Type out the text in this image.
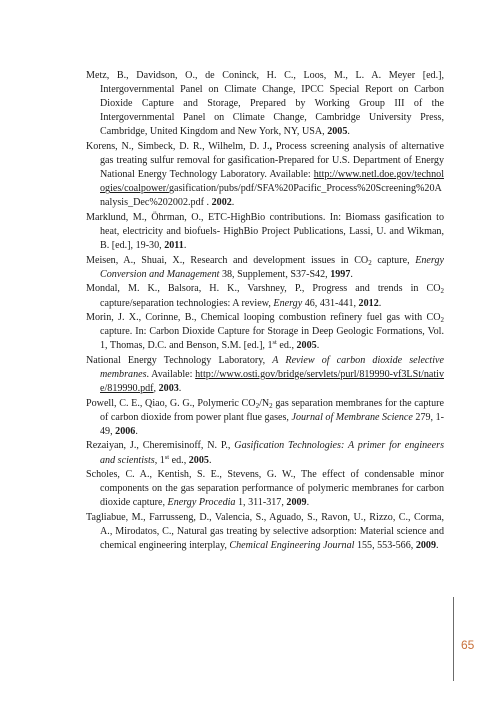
Metz, B., Davidson, O., de Coninck, H. C., Loos, M., L. A. Meyer [ed.], Intergovernmental Panel on Climate Change, IPCC Special Report on Carbon Dioxide Capture and Storage, Prepared by Working Group III of the Intergovernmental Panel on Climate Change, Cambridge University Press, Cambridge, United Kingdom and New York, NY, USA, 2005.

Korens, N., Simbeck, D. R., Wilhelm, D. J., Process screening analysis of alternative gas treating sulfur removal for gasification-Prepared for U.S. Department of Energy National Energy Technology Laboratory. Available: http://www.netl.doe.gov/technologies/coalpower/gasification/pubs/pdf/SFA%20Pacific_Process%20Screening%20Analysis_Dec%202002.pdf . 2002.

Marklund, M., Öhrman, O., ETC-HighBio contributions. In: Biomass gasification to heat, electricity and biofuels- HighBio Project Publications, Lassi, U. and Wikman, B. [ed.], 19-30, 2011.

Meisen, A., Shuai, X., Research and development issues in $CO_2$ capture, Energy Conversion and Management 38, Supplement, S37-S42, 1997.

Mondal, M. K., Balsora, H. K., Varshney, P., Progress and trends in $CO_2$ capture/separation technologies: A review, Energy 46, 431-441, 2012.

Morin, J. X., Corinne, B., Chemical looping combustion refinery fuel gas with $CO_2$ capture. In: Carbon Dioxide Capture for Storage in Deep Geologic Formations, Vol. 1, Thomas, D.C. and Benson, S.M. [ed.], 1st ed., 2005.

National Energy Technology Laboratory, A Review of carbon dioxide selective membranes. Available: http://www.osti.gov/bridge/servlets/purl/819990-vf3LSt/native/819990.pdf, 2003.

Powell, C. E., Qiao, G. G., Polymeric $CO_2/N_2$ gas separation membranes for the capture of carbon dioxide from power plant flue gases, Journal of Membrane Science 279, 1-49, 2006.

Rezaiyan, J., Cheremisinoff, N. P., Gasification Technologies: A primer for engineers and scientists, 1st ed., 2005.

Scholes, C. A., Kentish, S. E., Stevens, G. W., The effect of condensable minor components on the gas separation performance of polymeric membranes for carbon dioxide capture, Energy Procedia 1, 311-317, 2009.

Tagliabue, M., Farrusseng, D., Valencia, S., Aguado, S., Ravon, U., Rizzo, C., Corma, A., Mirodatos, C., Natural gas treating by selective adsorption: Material science and chemical engineering interplay, Chemical Engineering Journal 155, 553-566, 2009.

65
